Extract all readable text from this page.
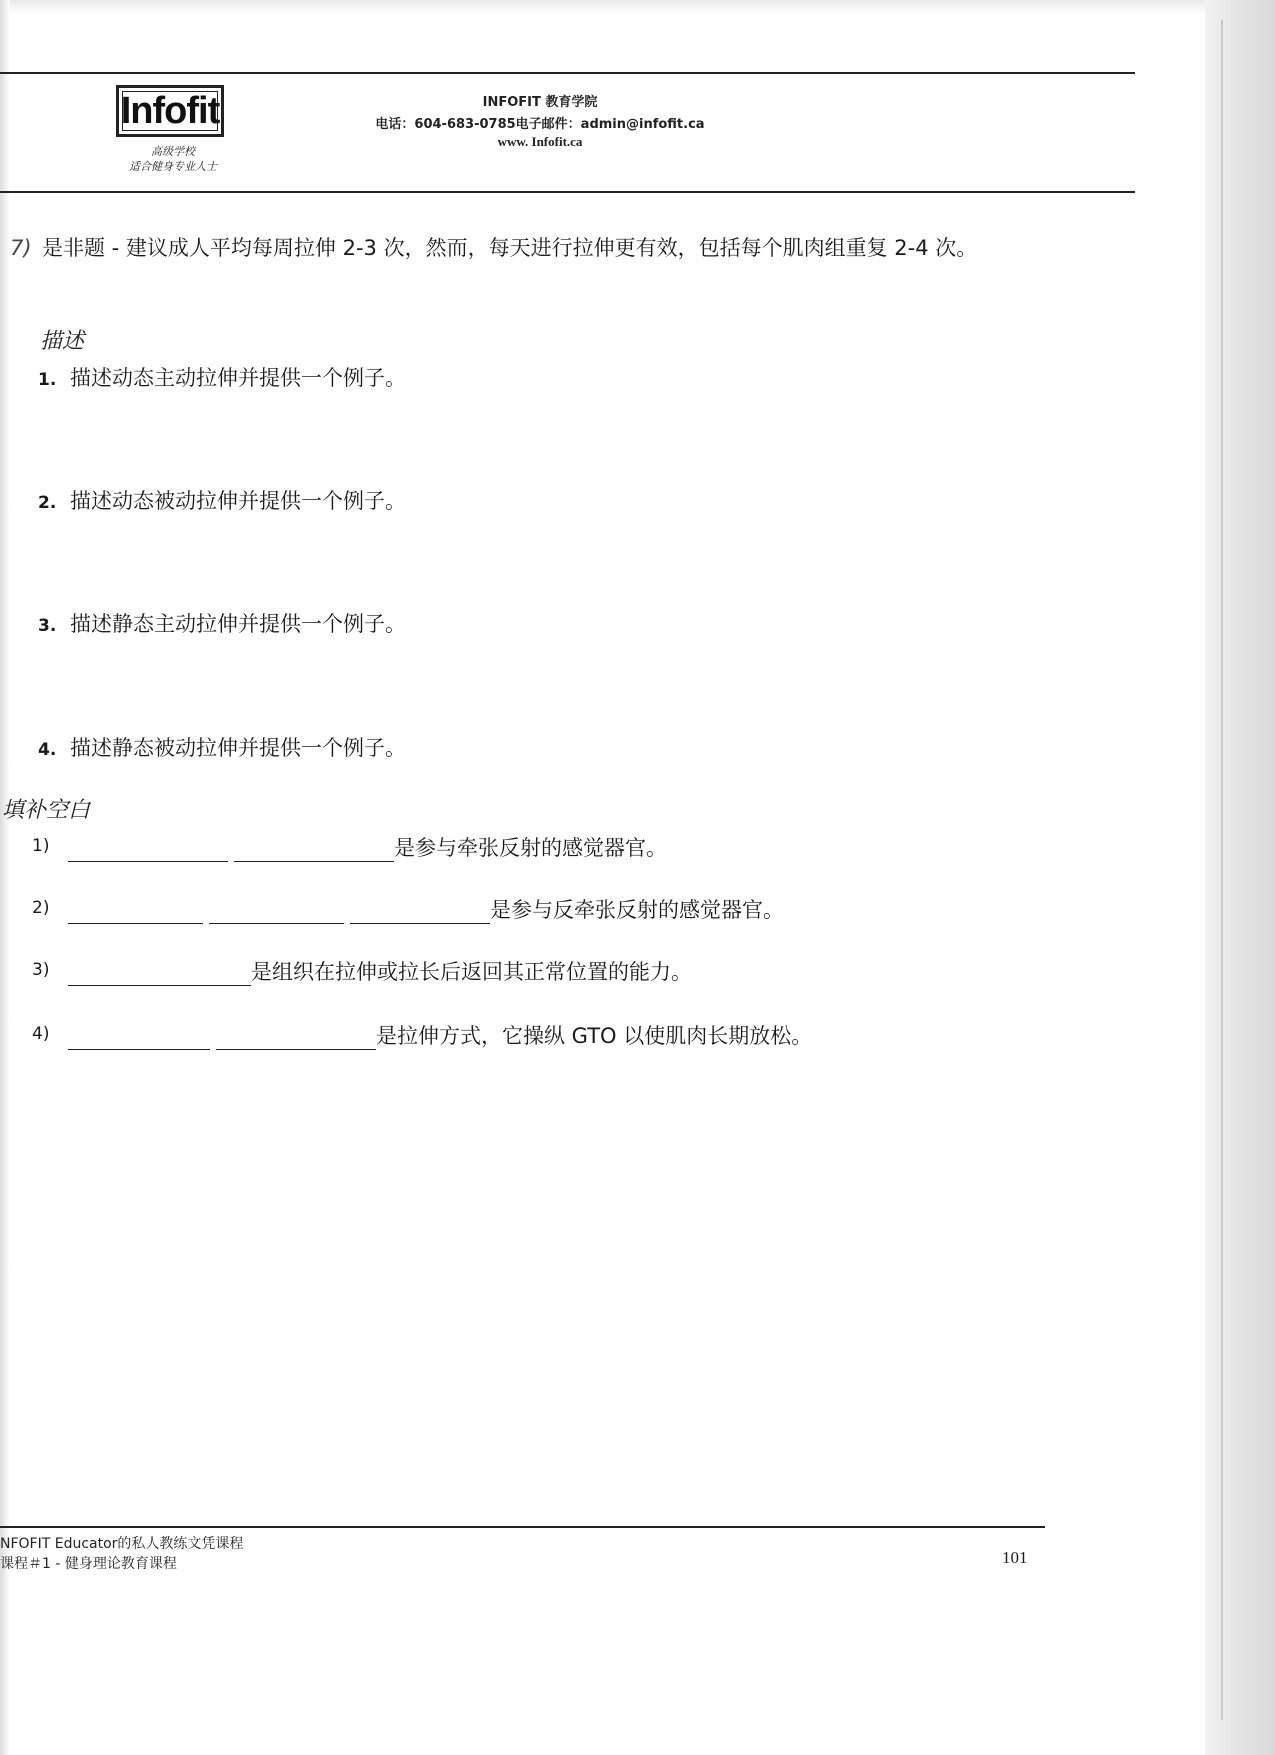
Infofit
高级学校
适合健身专业人士
INFOFIT 教育学院
电话：604-683-0785电子邮件：admin@infofit.ca
www. Infofit.ca
7) 是非题 - 建议成人平均每周拉伸 2-3 次，然而，每天进行拉伸更有效，包括每个肌肉组重复 2-4 次。
描述
1. 描述动态主动拉伸并提供一个例子。
2. 描述动态被动拉伸并提供一个例子。
3. 描述静态主动拉伸并提供一个例子。
4. 描述静态被动拉伸并提供一个例子。
填补空白
1)	是参与牵张反射的感觉器官。
2)	是参与反牵张反射的感觉器官。
3)	是组织在拉伸或拉长后返回其正常位置的能力。
4)	是拉伸方式，它操纵 GTO 以使肌肉长期放松。
NFOFIT Educator的私人教练文凭课程
课程＃1 - 健身理论教育课程	101
